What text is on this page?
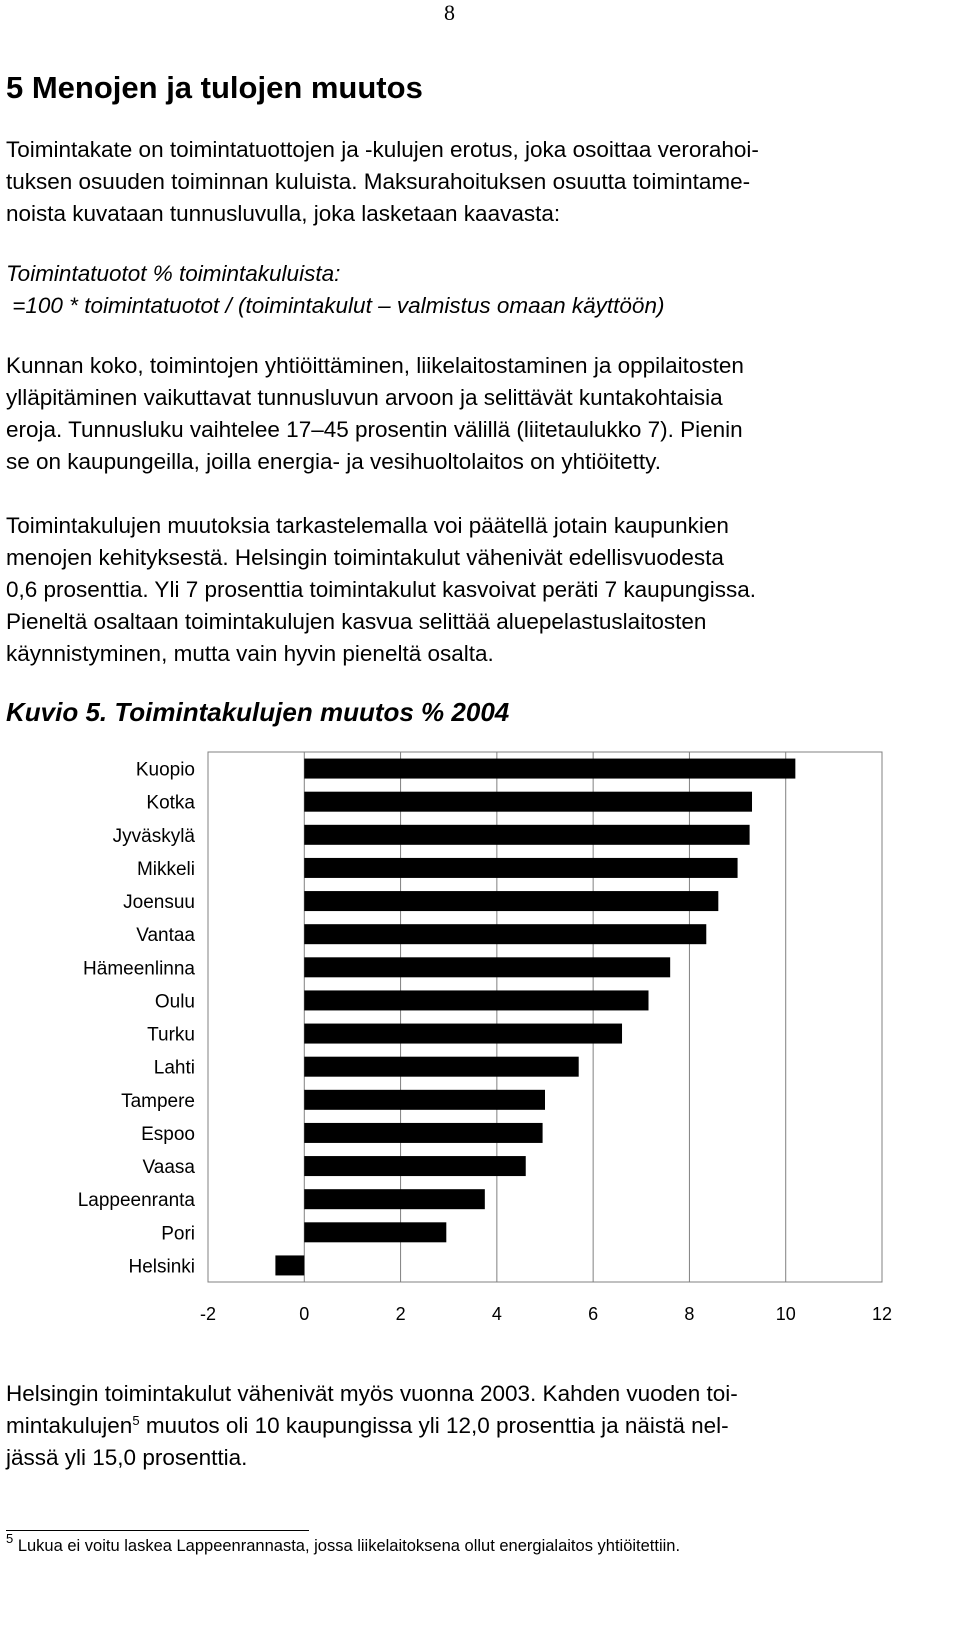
8
5 Menojen ja tulojen muutos
Toimintakate on toimintatuottojen ja -kulujen erotus, joka osoittaa verorahoi-
tuksen osuuden toiminnan kuluista. Maksurahoituksen osuutta toimintame-
noista kuvataan tunnusluvulla, joka lasketaan kaavasta:
Toimintatuotot % toimintakuluista:
=100 * toimintatuotot / (toimintakulut – valmistus omaan käyttöön)
Kunnan koko, toimintojen yhtiöittäminen, liikelaitostaminen ja oppilaitosten
ylläpitäminen vaikuttavat tunnusluvun arvoon ja selittävät kuntakohtaisia
eroja. Tunnusluku vaihtelee 17–45 prosentin välillä (liitetaulukko 7). Pienin
se on kaupungeilla, joilla energia- ja vesihuoltolaitos on yhtiöitetty.
Toimintakulujen muutoksia tarkastelemalla voi päätellä jotain kaupunkien
menojen kehityksestä. Helsingin toimintakulut vähenivät edellisvuodesta
0,6 prosenttia. Yli 7 prosenttia toimintakulut kasvoivat peräti 7 kaupungissa.
Pieneltä osaltaan toimintakulujen kasvua selittää aluepelastuslaitosten
käynnistyminen, mutta vain hyvin pieneltä osalta.
Kuvio 5. Toimintakulujen muutos % 2004
Kuopio
Kotka
Jyväskylä
Mikkeli
Joensuu
Vantaa
Hämeenlinna
Oulu
Turku
Lahti
Tampere
Espoo
Vaasa
Lappeenranta
Pori
Helsinki
-2	0	2	4	6	8	10	12
Helsingin toimintakulut vähenivät myös vuonna 2003. Kahden vuoden toi-
mintakulujen$^5$ muutos oli 10 kaupungissa yli 12,0 prosenttia ja näistä nel-
jässä yli 15,0 prosenttia.
$^5$ Lukua ei voitu laskea Lappeenrannasta, jossa liikelaitoksena ollut energialaitos yhtiöitettiin.
